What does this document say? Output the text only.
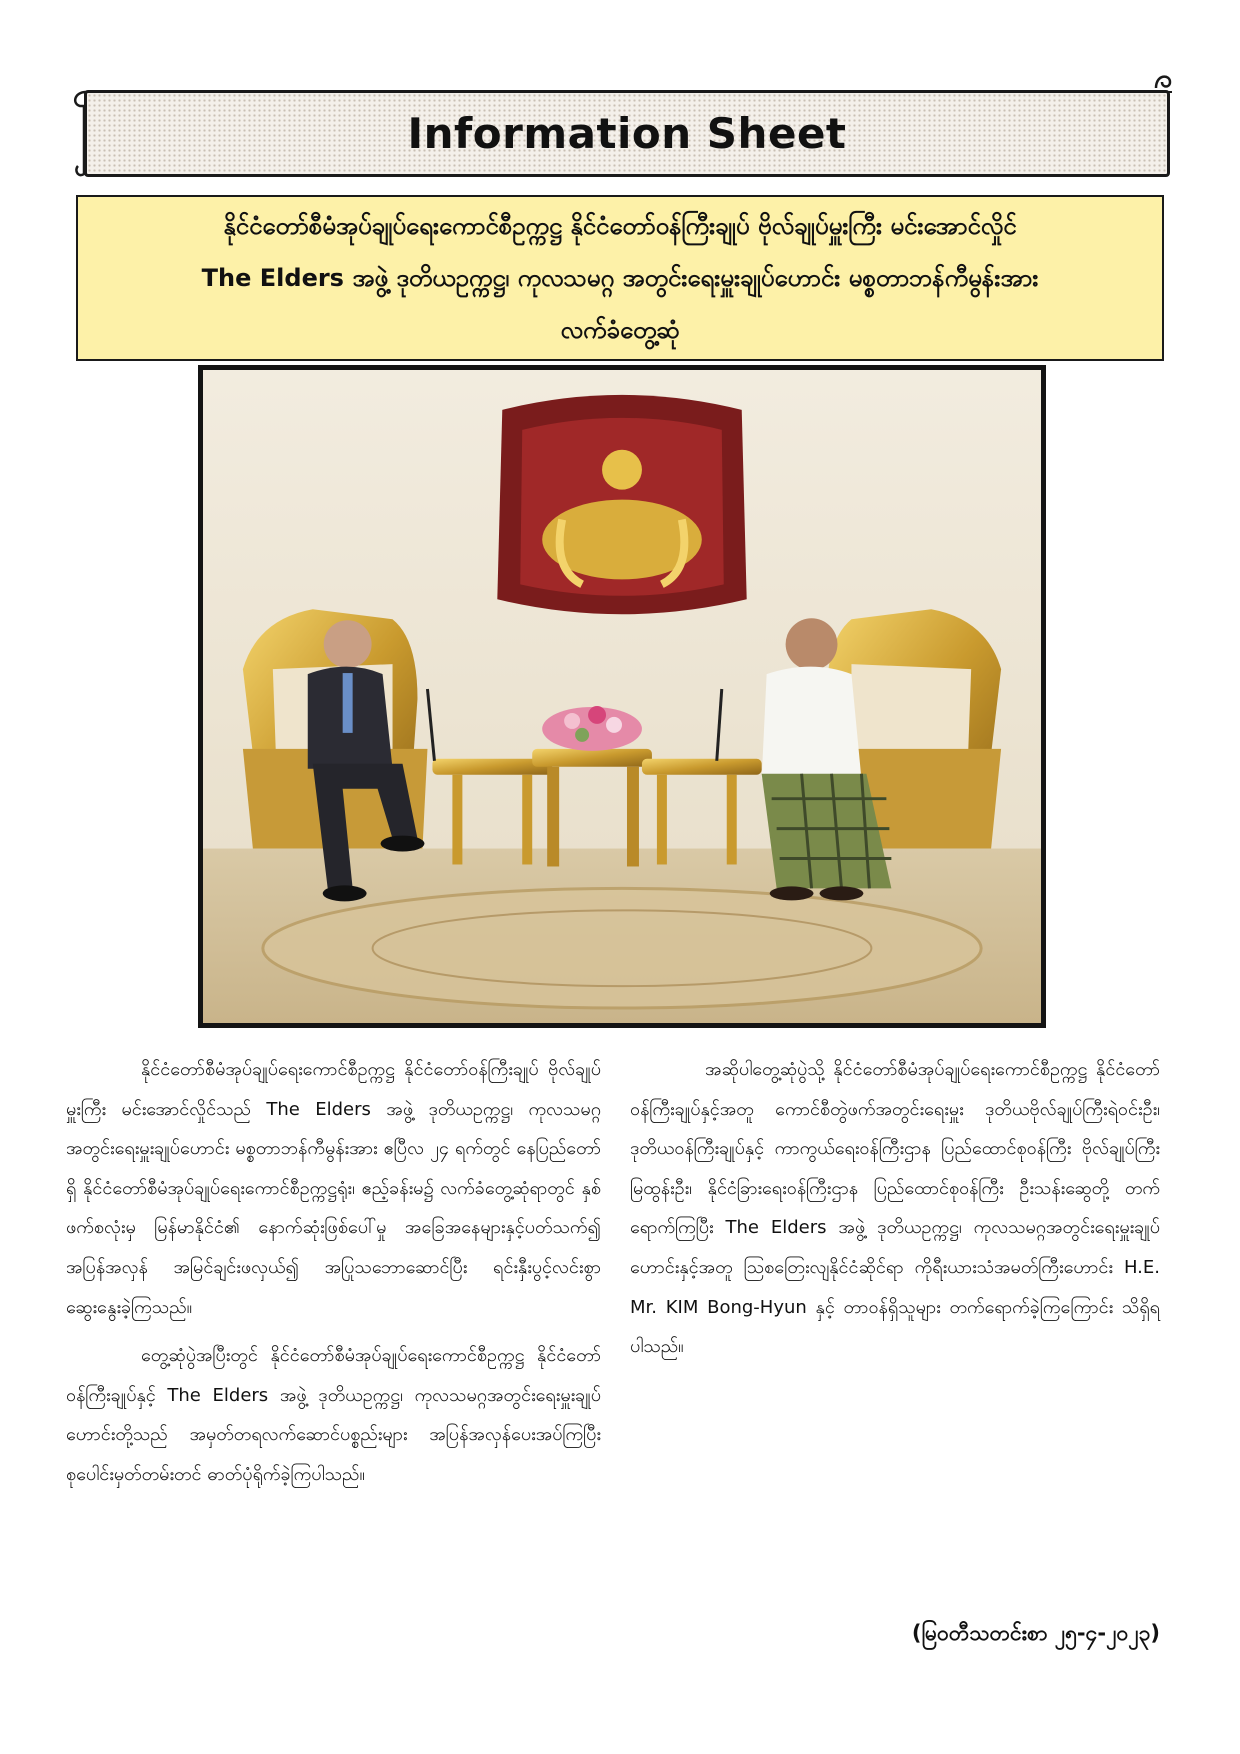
Information Sheet
နိုင်ငံတော်စီမံအုပ်ချုပ်ရေးကောင်စီဥက္ကဋ္ဌ နိုင်ငံတော်ဝန်ကြီးချုပ် ဗိုလ်ချုပ်မှူးကြီး မင်းအောင်လှိုင်
The Elders အဖွဲ့ ဒုတိယဥက္ကဋ္ဌ၊ ကုလသမဂ္ဂ အတွင်းရေးမှူးချုပ်ဟောင်း မစ္စတာဘန်ကီမွန်းအား
လက်ခံတွေ့ဆုံ

နိုင်ငံတော်စီမံအုပ်ချုပ်ရေးကောင်စီဥက္ကဋ္ဌ နိုင်ငံတော်ဝန်ကြီးချုပ် ဗိုလ်ချုပ်မှူးကြီး မင်းအောင်လှိုင်သည် The Elders အဖွဲ့ ဒုတိယဥက္ကဋ္ဌ၊ ကုလသမဂ္ဂအတွင်းရေးမှူးချုပ်ဟောင်း မစ္စတာဘန်ကီမွန်းအား ဧပြီလ ၂၄ ရက်တွင် နေပြည်တော်ရှိ နိုင်ငံတော်စီမံအုပ်ချုပ်ရေးကောင်စီဥက္ကဋ္ဌရုံး၊ ဧည့်ခန်းမ၌ လက်ခံတွေ့ဆုံရာတွင် နှစ်ဖက်စလုံးမှ မြန်မာနိုင်ငံ၏ နောက်ဆုံးဖြစ်ပေါ်မှု အခြေအနေများနှင့်ပတ်သက်၍ အပြန်အလှန် အမြင်ချင်းဖလှယ်၍ အပြုသဘောဆောင်ပြီး ရင်းနှီးပွင့်လင်းစွာ ဆွေးနွေးခဲ့ကြသည်။

တွေ့ဆုံပွဲအပြီးတွင် နိုင်ငံတော်စီမံအုပ်ချုပ်ရေးကောင်စီဥက္ကဋ္ဌ နိုင်ငံတော်ဝန်ကြီးချုပ်နှင့် The Elders အဖွဲ့ ဒုတိယဥက္ကဋ္ဌ၊ ကုလသမဂ္ဂအတွင်းရေးမှူးချုပ်ဟောင်းတို့သည် အမှတ်တရလက်ဆောင်ပစ္စည်းများ အပြန်အလှန်ပေးအပ်ကြပြီး စုပေါင်းမှတ်တမ်းတင် ဓာတ်ပုံရိုက်ခဲ့ကြပါသည်။

အဆိုပါတွေ့ဆုံပွဲသို့ နိုင်ငံတော်စီမံအုပ်ချုပ်ရေးကောင်စီဥက္ကဋ္ဌ နိုင်ငံတော်ဝန်ကြီးချုပ်နှင့်အတူ ကောင်စီတွဲဖက်အတွင်းရေးမှူး ဒုတိယဗိုလ်ချုပ်ကြီးရဲဝင်းဦး၊ ဒုတိယဝန်ကြီးချုပ်နှင့် ကာကွယ်ရေးဝန်ကြီးဌာန ပြည်ထောင်စုဝန်ကြီး ဗိုလ်ချုပ်ကြီး မြထွန်းဦး၊ နိုင်ငံခြားရေးဝန်ကြီးဌာန ပြည်ထောင်စုဝန်ကြီး ဦးသန်းဆွေတို့ တက်ရောက်ကြပြီး The Elders အဖွဲ့ ဒုတိယဥက္ကဋ္ဌ၊ ကုလသမဂ္ဂအတွင်းရေးမှူးချုပ်ဟောင်းနှင့်အတူ သြစတြေးလျနိုင်ငံဆိုင်ရာ ကိုရီးယားသံအမတ်ကြီးဟောင်း H.E. Mr. KIM Bong-Hyun နှင့် တာဝန်ရှိသူများ တက်ရောက်ခဲ့ကြကြောင်း သိရှိရပါသည်။

(မြဝတီသတင်းစာ ၂၅-၄-၂၀၂၃)
